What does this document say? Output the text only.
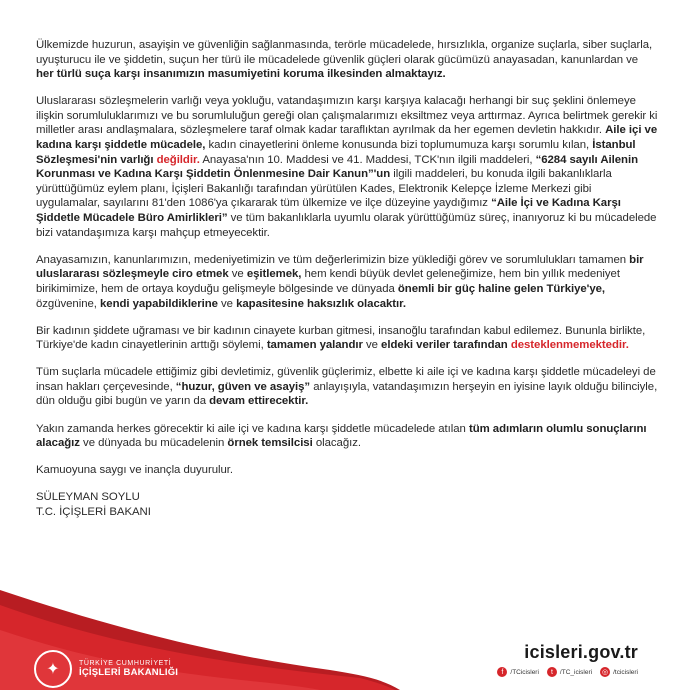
Ülkemizde huzurun, asayişin ve güvenliğin sağlanmasında, terörle mücadelede, hırsızlıkla, organize suçlarla, siber suçlarla, uyuşturucu ile ve şiddetin, suçun her türü ile mücadelede güvenlik güçleri olarak gücümüzü anayasadan, kanunlardan ve her türlü suça karşı insanımızın masumiyetini koruma ilkesinden almaktayız.

Uluslararası sözleşmelerin varlığı veya yokluğu, vatandaşımızın karşı karşıya kalacağı herhangi bir suç şeklini önlemeye ilişkin sorumluluklarımızı ve bu sorumluluğun gereği olan çalışmalarımızı eksiltmez veya arttırmaz. Ayrıca belirtmek gerekir ki milletler arası andlaşmalara, sözleşmelere taraf olmak kadar taraflıktan ayrılmak da her egemen devletin hakkıdır. Aile içi ve kadına karşı şiddetle mücadele, kadın cinayetlerini önleme konusunda bizi toplumumuza karşı sorumlu kılan, İstanbul Sözleşmesi'nin varlığı değildir. Anayasa'nın 10. Maddesi ve 41. Maddesi, TCK'nın ilgili maddeleri, “6284 sayılı Ailenin Korunması ve Kadına Karşı Şiddetin Önlenmesine Dair Kanun”'un ilgili maddeleri, bu konuda ilgili bakanlıklarla yürüttüğümüz eylem planı, İçişleri Bakanlığı tarafından yürütülen Kades, Elektronik Kelepçe İzleme Merkezi gibi uygulamalar, sayılarını 81'den 1086'ya çıkararak tüm ülkemize ve ilçe düzeyine yaydığımız “Aile İçi ve Kadına Karşı Şiddetle Mücadele Büro Amirlikleri” ve tüm bakanlıklarla uyumlu olarak yürüttüğümüz süreç, inanıyoruz ki bu mücadelede bizi vatandaşımıza karşı mahçup etmeyecektir.

Anayasamızın, kanunlarımızın, medeniyetimizin ve tüm değerlerimizin bize yüklediği görev ve sorumlulukları tamamen bir uluslararası sözleşmeyle ciro etmek ve eşitlemek, hem kendi büyük devlet geleneğimize, hem bin yıllık medeniyet birikimimize, hem de ortaya koyduğu gelişmeyle bölgesinde ve dünyada önemli bir güç haline gelen Türkiye'ye, özgüvenine, kendi yapabildiklerine ve kapasitesine haksızlık olacaktır.

Bir kadının şiddete uğraması ve bir kadının cinayete kurban gitmesi, insanoğlu tarafından kabul edilemez. Bununla birlikte, Türkiye'de kadın cinayetlerinin arttığı söylemi, tamamen yalandır ve eldeki veriler tarafından desteklenmemektedir.

Tüm suçlarla mücadele ettiğimiz gibi devletimiz, güvenlik güçlerimiz, elbette ki aile içi ve kadına karşı şiddetle mücadeleyi de insan hakları çerçevesinde, “huzur, güven ve asayiş” anlayışıyla, vatandaşımızın herşeyin en iyisine layık olduğu bilinciyle, dün olduğu gibi bugün ve yarın da devam ettirecektir.

Yakın zamanda herkes görecektir ki aile içi ve kadına karşı şiddetle mücadelede atılan tüm adımların olumlu sonuçlarını alacağız ve dünyada bu mücadelenin örnek temsilcisi olacağız.

Kamuoyuna saygı ve inançla duyurulur.

SÜLEYMAN SOYLU
T.C. İÇİŞLERİ BAKANI
✦	TÜRKİYE CUMHURİYETİ
İÇİŞLERİ BAKANLIĞI
icisleri.gov.tr
f	/TCicisleri	t	/TC_icisleri ◎ /tcicisleri
